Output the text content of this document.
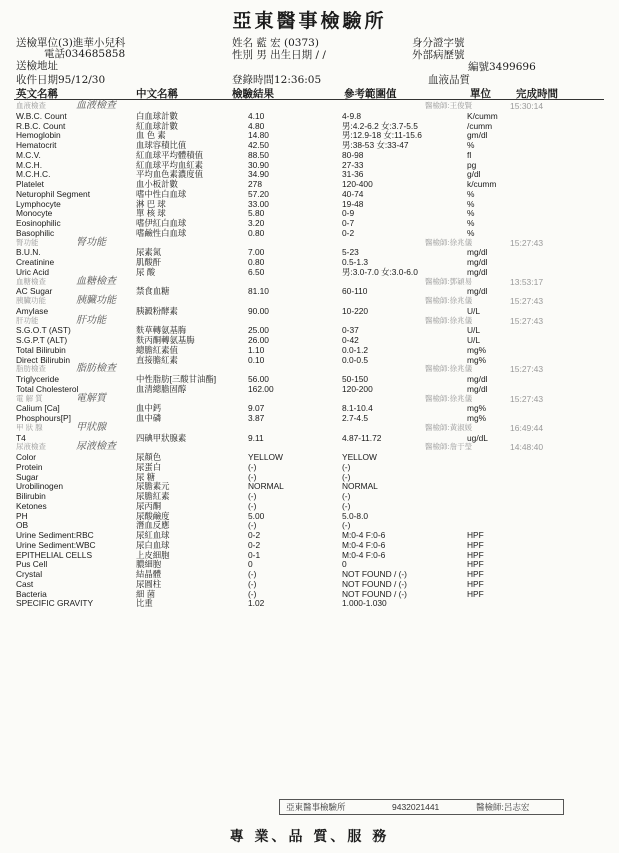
亞東醫事檢驗所
送檢單位(3)進華小兒科
電話034685858
送檢地址
收件日期95/12/30
姓名 藍 宏 (0373)
性別 男 出生日期 / /
登錄時間12:36:05
身分證字號
外部病歷號
編號3499696
血液品質
英文名稱	中文名稱	檢驗結果	參考範圍值	單位 完成時間
血液檢查	血液檢查	醫檢師:王俊賢	15:30:14
W.B.C. Count	白血球計數	4.10	4-9.8	K/cumm
R.B.C. Count	紅血球計數	4.80	男:4.2-6.2 女:3.7-5.5	/cumm
Hemoglobin	血 色 素	14.80	男:12.9-18 女:11-15.6	gm/dl
Hematocrit	血球容積比值	42.50	男:38-53 女:33-47	%
M.C.V.	紅血球平均體積值	88.50	80-98	fl
M.C.H.	紅血球平均血紅素	30.90	27-33	pg
M.C.H.C.	平均血色素濃度值	34.90	31-36	g/dl
Platelet	血小板計數	278	120-400	k/cumm
Neturophil Segment	嗜中性白血球	57.20	40-74	%
Lymphocyte	淋 巴 球	33.00	19-48	%
Monocyte	單 核 球	5.80	0-9	%
Eosinophilic	嗜伊紅白血球	3.20	0-7	%
Basophilic	嗜鹼性白血球	0.80	0-2	%
腎功能	腎功能	醫檢師:徐兆儀	15:27:43
B.U.N.	尿素氮	7.00	5-23	mg/dl
Creatinine	肌酸酐	0.80	0.5-1.3	mg/dl
Uric Acid	尿 酸	6.50	男:3.0-7.0 女:3.0-6.0	mg/dl
血糖檢查	血糖檢查	醫檢師:鄧穎易	13:53:17
AC Sugar	禁食血糖	81.10	60-110	mg/dl
胰臟功能	胰臟功能	醫檢師:徐兆儀	15:27:43
Amylase	胰澱粉酵素	90.00	10-220	U/L
肝功能	肝功能	醫檢師:徐兆儀	15:27:43
S.G.O.T (AST)	麩草轉氨基脢	25.00	0-37	U/L
S.G.P.T (ALT)	麩丙酮轉氨基脢	26.00	0-42	U/L
Total Bilirubin	總膽紅素值	1.10	0.0-1.2	mg%
Direct Bilirubin	直接膽紅素	0.10	0.0-0.5	mg%
脂肪檢查	脂肪檢查	醫檢師:徐兆儀	15:27:43
Triglyceride	中性脂肪[三酸甘油酯]	56.00	50-150	mg/dl
Total Cholesterol	血清總膽固醇	162.00	120-200	mg/dl
電 解 質	電解質	醫檢師:徐兆儀	15:27:43
Calium [Ca]	血中鈣	9.07	8.1-10.4	mg%
Phosphours[P]	血中磷	3.87	2.7-4.5	mg%
甲 狀 腺	甲狀腺	醫檢師:黃淑媛	16:49:44
T4	四碘甲狀腺素	9.11	4.87-11.72	ug/dL
尿液檢查	尿液檢查	醫檢師:詹于瑩	14:48:40
Color	尿顏色	YELLOW	YELLOW
Protein	尿蛋白	(-)	(-)
Sugar	尿 糖	(-)	(-)
Urobilinogen	尿膽素元	NORMAL	NORMAL
Bilirubin	尿膽紅素	(-)	(-)
Ketones	尿丙酮	(-)	(-)
PH	尿酸鹼度	5.00	5.0-8.0
OB	潛血反應	(-)	(-)
Urine Sediment:RBC	尿紅血球	0-2	M:0-4 F:0-6	HPF
Urine Sediment:WBC	尿白血球	0-2	M:0-4 F:0-6	HPF
EPITHELIAL CELLS	上皮細胞	0-1	M:0-4 F:0-6	HPF
Pus Cell	膿細胞	0	0	HPF
Crystal	結晶體	(-)	NOT FOUND / (-)	HPF
Cast	尿圓柱	(-)	NOT FOUND / (-)	HPF
Bacteria	細 菌	(-)	NOT FOUND / (-)	HPF
SPECIFIC GRAVITY	比重	1.02	1.000-1.030
亞東醫事檢驗所	9432021441	醫檢師:呂志宏
專 業、品 質、服 務
